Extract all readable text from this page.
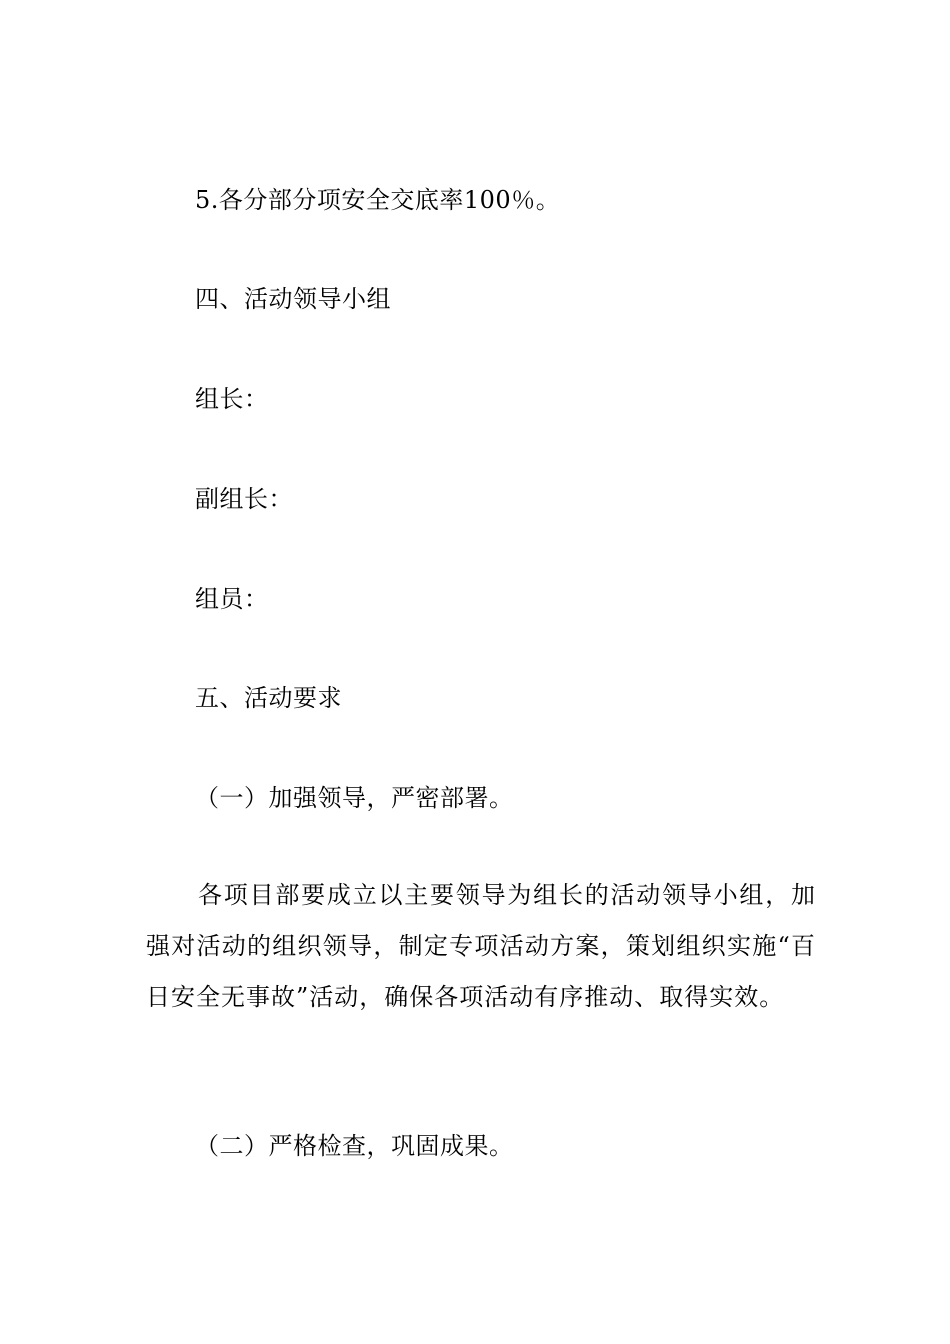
5.各分部分项安全交底率100％。
四、活动领导小组
组长：
副组长：
组员：
五、活动要求
（一）加强领导，严密部署。
各项目部要成立以主要领导为组长的活动领导小组，加强对活动的组织领导，制定专项活动方案，策划组织实施“百日安全无事故”活动，确保各项活动有序推动、取得实效。
（二）严格检查，巩固成果。
